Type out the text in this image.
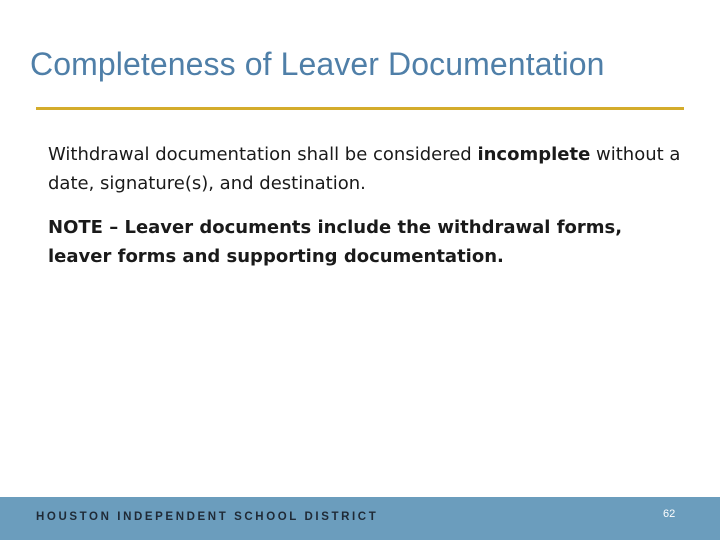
Completeness of Leaver Documentation

Withdrawal documentation shall be considered incomplete without a date, signature(s), and destination.

NOTE – Leaver documents include the withdrawal forms, leaver forms and supporting documentation.

HOUSTON INDEPENDENT SCHOOL DISTRICT	62
